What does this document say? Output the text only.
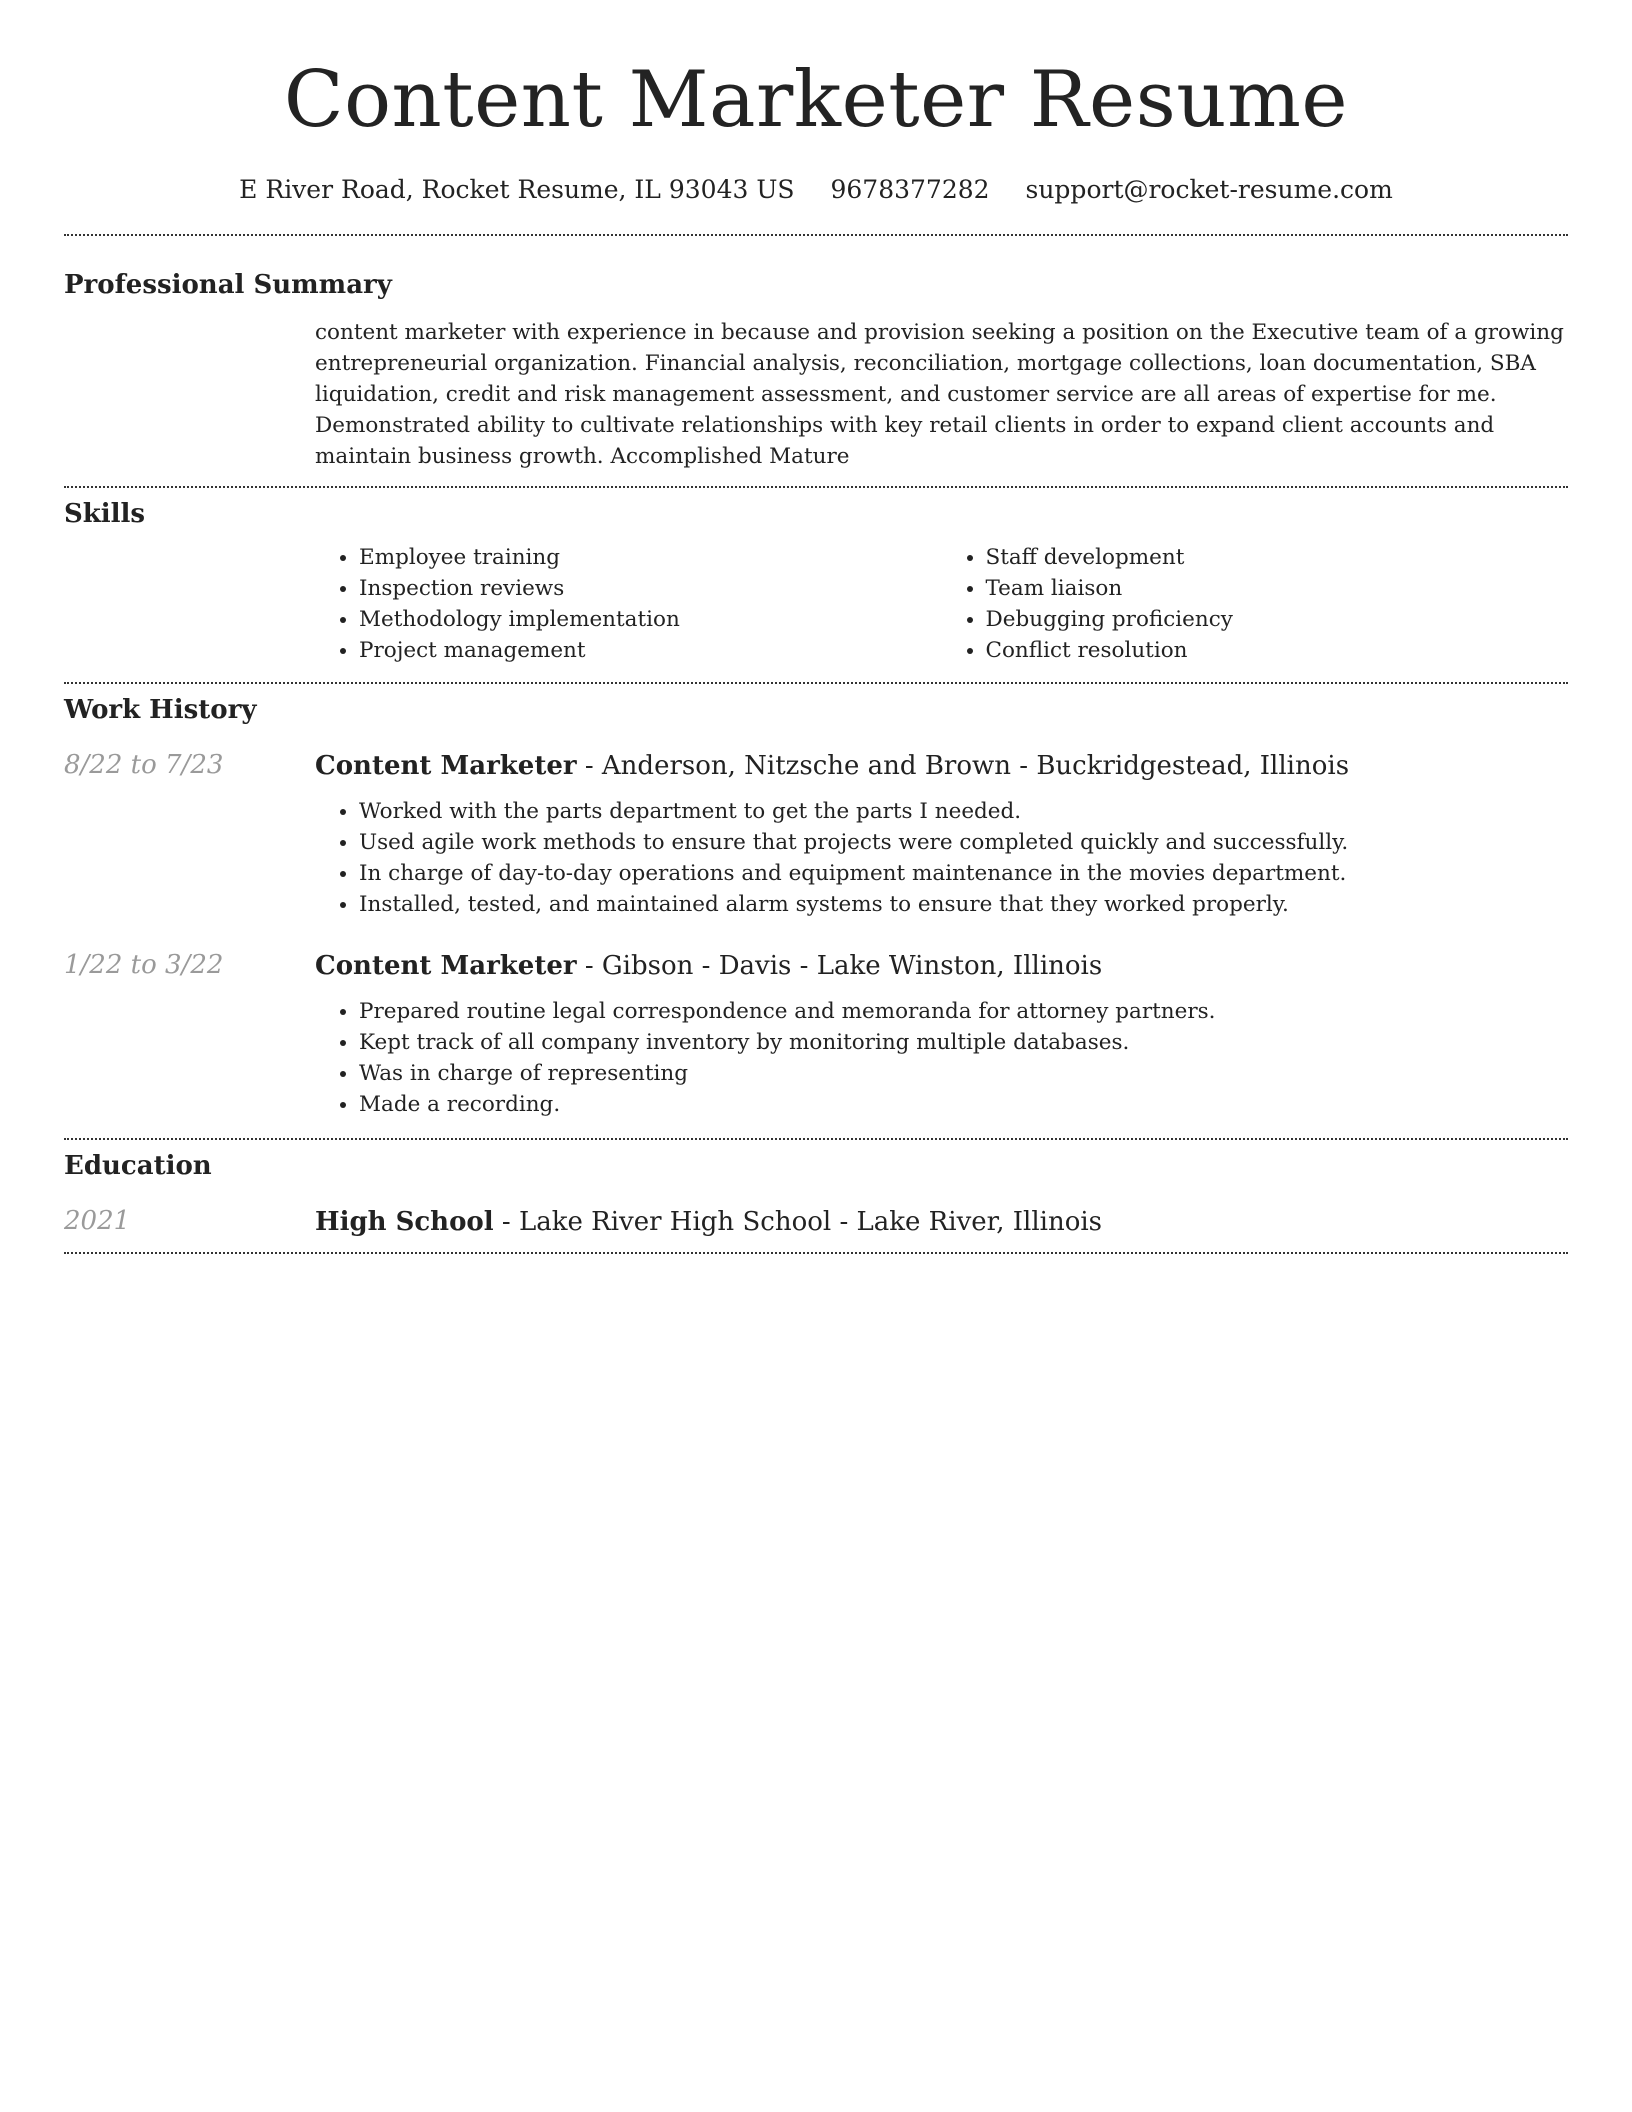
Content Marketer Resume
E River Road, Rocket Resume, IL 93043 US 9678377282 support@rocket-resume.com
Professional Summary

content marketer with experience in because and provision seeking a position on the Executive team of a growing entrepreneurial organization. Financial analysis, reconciliation, mortgage collections, loan documentation, SBA liquidation, credit and risk management assessment, and customer service are all areas of expertise for me. Demonstrated ability to cultivate relationships with key retail clients in order to expand client accounts and maintain business growth. Accomplished Mature

Skills
• Employee training
• Inspection reviews
• Methodology implementation
• Project management
• Staff development
• Team liaison
• Debugging proficiency
• Conflict resolution
Work History
8/22 to 7/23	Content Marketer - Anderson, Nitzsche and Brown - Buckridgestead, Illinois
• Worked with the parts department to get the parts I needed.
• Used agile work methods to ensure that projects were completed quickly and successfully.
• In charge of day-to-day operations and equipment maintenance in the movies department.
• Installed, tested, and maintained alarm systems to ensure that they worked properly.
1/22 to 3/22	Content Marketer - Gibson - Davis - Lake Winston, Illinois
• Prepared routine legal correspondence and memoranda for attorney partners.
• Kept track of all company inventory by monitoring multiple databases.
• Was in charge of representing
• Made a recording.
Education
2021	High School - Lake River High School - Lake River, Illinois
